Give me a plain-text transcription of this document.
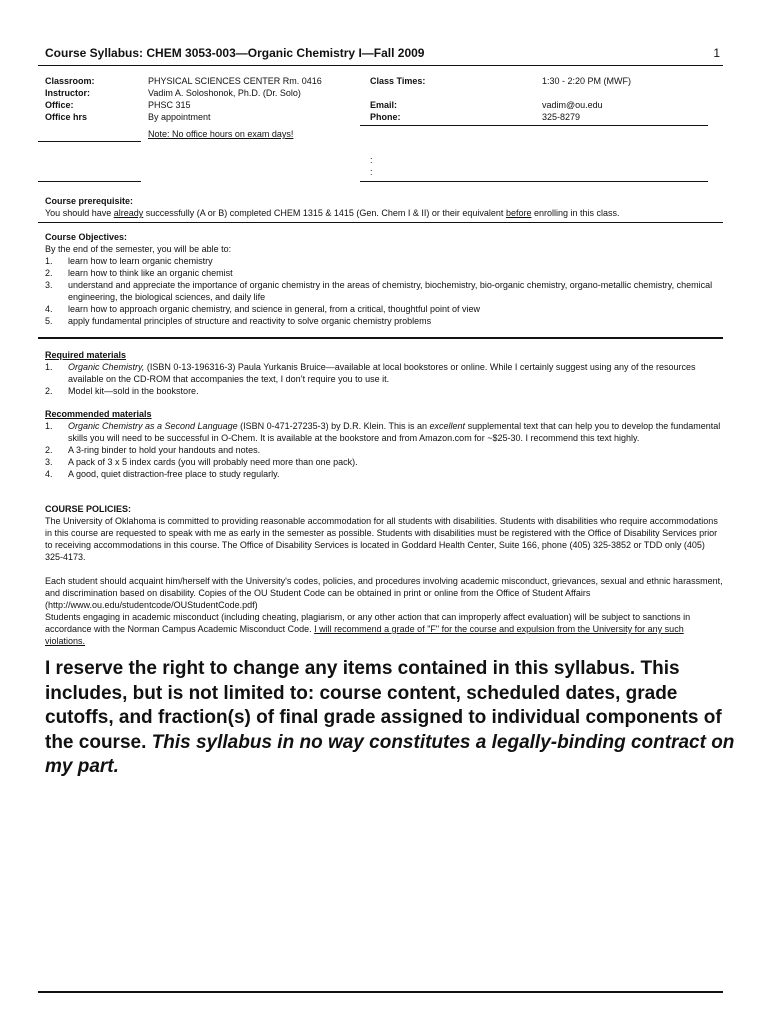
Course Syllabus: CHEM 3053-003—Organic Chemistry I—Fall 2009	1
Classroom:	PHYSICAL SCIENCES CENTER Rm. 0416
Instructor:	Vadim A. Soloshonok, Ph.D. (Dr. Solo)
Office:	PHSC 315
Office hrs	By appointment
Note: No office hours on exam days!
Class Times:	1:30 - 2:20 PM (MWF)
Email:	vadim@ou.edu
Phone:	325-8279
:
:

Course prerequisite:

You should have already successfully (A or B) completed CHEM 1315 & 1415 (Gen. Chem I & II) or their equivalent before enrolling in this class.

Course Objectives:

By the end of the semester, you will be able to:

1. learn how to learn organic chemistry
2. learn how to think like an organic chemist
3. understand and appreciate the importance of organic chemistry in the areas of chemistry, biochemistry, bio-organic chemistry, organo-metallic chemistry, chemical engineering, the biological sciences, and daily life
4. learn how to approach organic chemistry, and science in general, from a critical, thoughtful point of view
5. apply fundamental principles of structure and reactivity to solve organic chemistry problems

Required materials

1. Organic Chemistry, (ISBN 0-13-196316-3) Paula Yurkanis Bruice—available at local bookstores or online. While I certainly suggest using any of the resources available on the CD-ROM that accompanies the text, I don’t require you to use it.
2. Model kit—sold in the bookstore.

Recommended materials

1. Organic Chemistry as a Second Language (ISBN 0-471-27235-3) by D.R. Klein. This is an excellent supplemental text that can help you to develop the fundamental skills you will need to be successful in O-Chem. It is available at the bookstore and from Amazon.com for ~$25-30. I recommend this text highly.
2. A 3-ring binder to hold your handouts and notes.
3. A pack of 3 x 5 index cards (you will probably need more than one pack).
4. A good, quiet distraction-free place to study regularly.

COURSE POLICIES:

The University of Oklahoma is committed to providing reasonable accommodation for all students with disabilities. Students with disabilities who require accommodations in this course are requested to speak with me as early in the semester as possible. Students with disabilities must be registered with the Office of Disability Services prior to receiving accommodations in this course. The Office of Disability Services is located in Goddard Health Center, Suite 166, phone (405) 325-3852 or TDD only (405) 325-4173.

Each student should acquaint him/herself with the University's codes, policies, and procedures involving academic misconduct, grievances, sexual and ethnic harassment, and discrimination based on disability. Copies of the OU Student Code can be obtained in print or online from the Office of Student Affairs (http://www.ou.edu/studentcode/OUStudentCode.pdf)

Students engaging in academic misconduct (including cheating, plagiarism, or any other action that can improperly affect evaluation) will be subject to sanctions in accordance with the Norman Campus Academic Misconduct Code. I will recommend a grade of "F" for the course and expulsion from the University for any such violations.

I reserve the right to change any items contained in this syllabus. This includes, but is not limited to: course content, scheduled dates, grade cutoffs, and fraction(s) of final grade assigned to individual components of the course. This syllabus in no way constitutes a legally-binding contract on my part.
